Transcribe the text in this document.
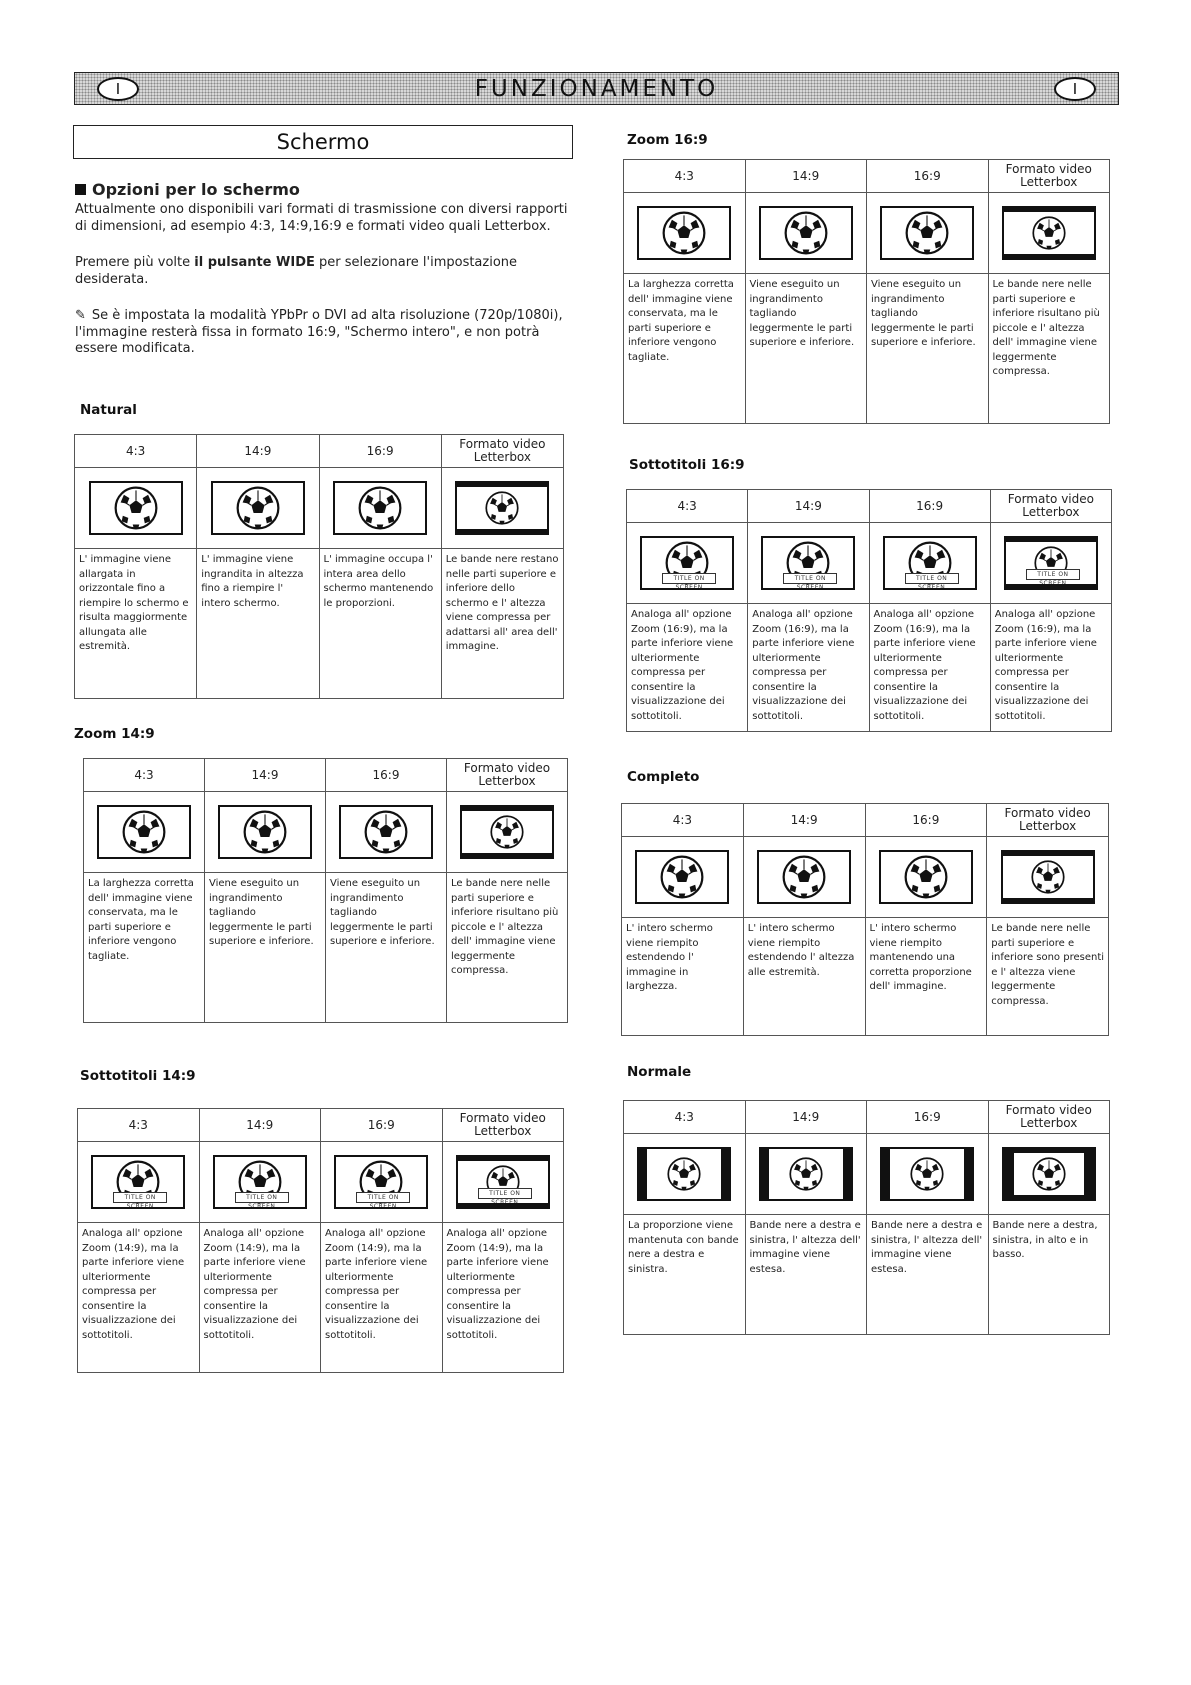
I	FUNZIONAMENTO	I
Schermo
Opzioni per lo schermo

Attualmente ono disponibili vari formati di trasmissione con diversi rapporti di dimensioni, ad esempio 4:3, 14:9,16:9 e formati video quali Letterbox.

Premere più volte il pulsante WIDE per selezionare l'impostazione desiderata.

✎ Se è impostata la modalità YPbPr o DVI ad alta risoluzione (720p/1080i), l'immagine resterà fissa in formato 16:9, "Schermo intero", e non potrà essere modificata.

Natural
4:3	14:9	16:9	Formato video Letterbox

L' immagine viene allargata in orizzontale fino a riempire lo schermo e risulta maggiormente allungata alle estremità.	L' immagine viene ingrandita in altezza fino a riempire l' intero schermo.	L' immagine occupa l' intera area dello schermo mantenendo le proporzioni.	Le bande nere restano nelle parti superiore e inferiore dello schermo e l' altezza viene compressa per adattarsi all' area dell' immagine.
Zoom 14:9
4:3	14:9	16:9	Formato video Letterbox

La larghezza corretta dell' immagine viene conservata, ma le parti superiore e inferiore vengono tagliate.	Viene eseguito un ingrandimento tagliando leggermente le parti superiore e inferiore.	Viene eseguito un ingrandimento tagliando leggermente le parti superiore e inferiore.	Le bande nere nelle parti superiore e inferiore risultano più piccole e l' altezza dell' immagine viene leggermente compressa.
Sottotitoli 14:9
4:3	14:9	16:9	Formato video Letterbox

TITLE ON SCREEN	TITLE ON SCREEN	TITLE ON SCREEN	TITLE ON SCREEN

Analoga all' opzione Zoom (14:9), ma la parte inferiore viene ulteriormente compressa per consentire la visualizzazione dei sottotitoli.	Analoga all' opzione Zoom (14:9), ma la parte inferiore viene ulteriormente compressa per consentire la visualizzazione dei sottotitoli.	Analoga all' opzione Zoom (14:9), ma la parte inferiore viene ulteriormente compressa per consentire la visualizzazione dei sottotitoli.	Analoga all' opzione Zoom (14:9), ma la parte inferiore viene ulteriormente compressa per consentire la visualizzazione dei sottotitoli.
Zoom 16:9
4:3	14:9	16:9	Formato video Letterbox

La larghezza corretta dell' immagine viene conservata, ma le parti superiore e inferiore vengono tagliate.	Viene eseguito un ingrandimento tagliando leggermente le parti superiore e inferiore.	Viene eseguito un ingrandimento tagliando leggermente le parti superiore e inferiore.	Le bande nere nelle parti superiore e inferiore risultano più piccole e l' altezza dell' immagine viene leggermente compressa.
Sottotitoli 16:9
4:3	14:9	16:9	Formato video Letterbox

TITLE ON SCREEN	TITLE ON SCREEN	TITLE ON SCREEN	TITLE ON SCREEN

Analoga all' opzione Zoom (16:9), ma la parte inferiore viene ulteriormente compressa per consentire la visualizzazione dei sottotitoli.	Analoga all' opzione Zoom (16:9), ma la parte inferiore viene ulteriormente compressa per consentire la visualizzazione dei sottotitoli.	Analoga all' opzione Zoom (16:9), ma la parte inferiore viene ulteriormente compressa per consentire la visualizzazione dei sottotitoli.	Analoga all' opzione Zoom (16:9), ma la parte inferiore viene ulteriormente compressa per consentire la visualizzazione dei sottotitoli.
Completo
4:3	14:9	16:9	Formato video Letterbox

L' intero schermo viene riempito estendendo l' immagine in larghezza.	L' intero schermo viene riempito estendendo l' altezza alle estremità.	L' intero schermo viene riempito mantenendo una corretta proporzione dell' immagine.	Le bande nere nelle parti superiore e inferiore sono presenti e l' altezza viene leggermente compressa.
Normale
4:3	14:9	16:9	Formato video Letterbox

La proporzione viene mantenuta con bande nere a destra e sinistra.	Bande nere a destra e sinistra, l' altezza dell' immagine viene estesa.	Bande nere a destra e sinistra, l' altezza dell' immagine viene estesa.	Bande nere a destra, sinistra, in alto e in basso.
